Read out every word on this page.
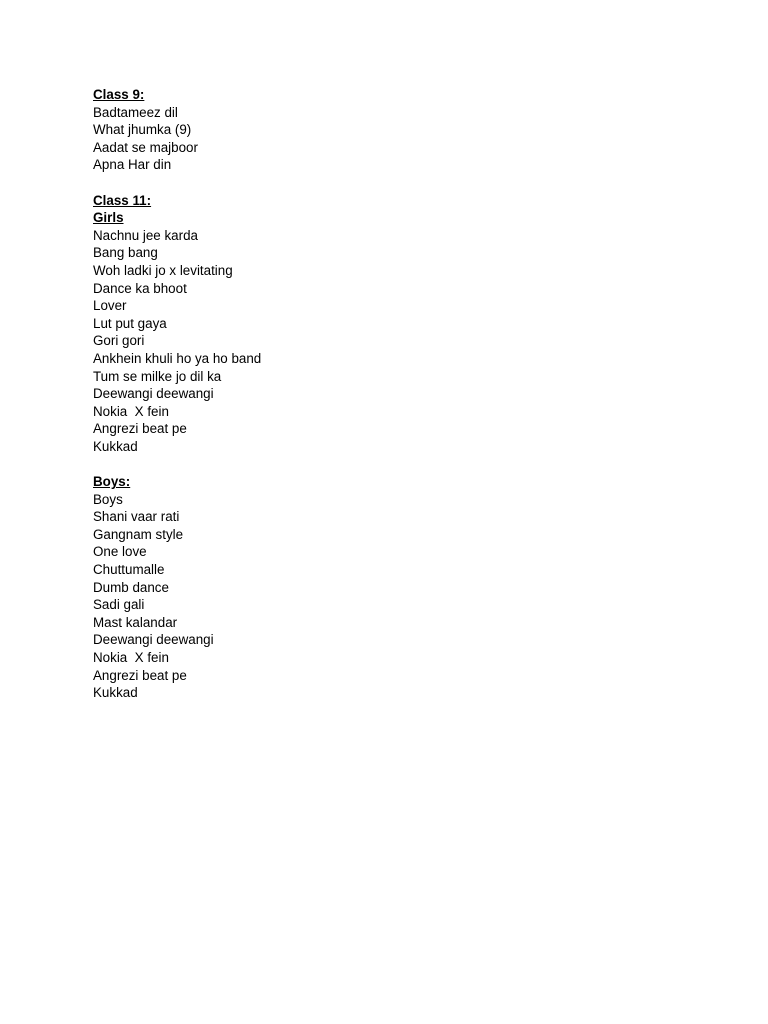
Class 9:
Badtameez dil
What jhumka (9)
Aadat se majboor
Apna Har din
Class 11:
Girls
Nachnu jee karda
Bang bang
Woh ladki jo x levitating
Dance ka bhoot
Lover
Lut put gaya
Gori gori
Ankhein khuli ho ya ho band
Tum se milke jo dil ka
Deewangi deewangi
Nokia  X fein
Angrezi beat pe
Kukkad
Boys:
Boys
Shani vaar rati
Gangnam style
One love
Chuttumalle
Dumb dance
Sadi gali
Mast kalandar
Deewangi deewangi
Nokia  X fein
Angrezi beat pe
Kukkad
